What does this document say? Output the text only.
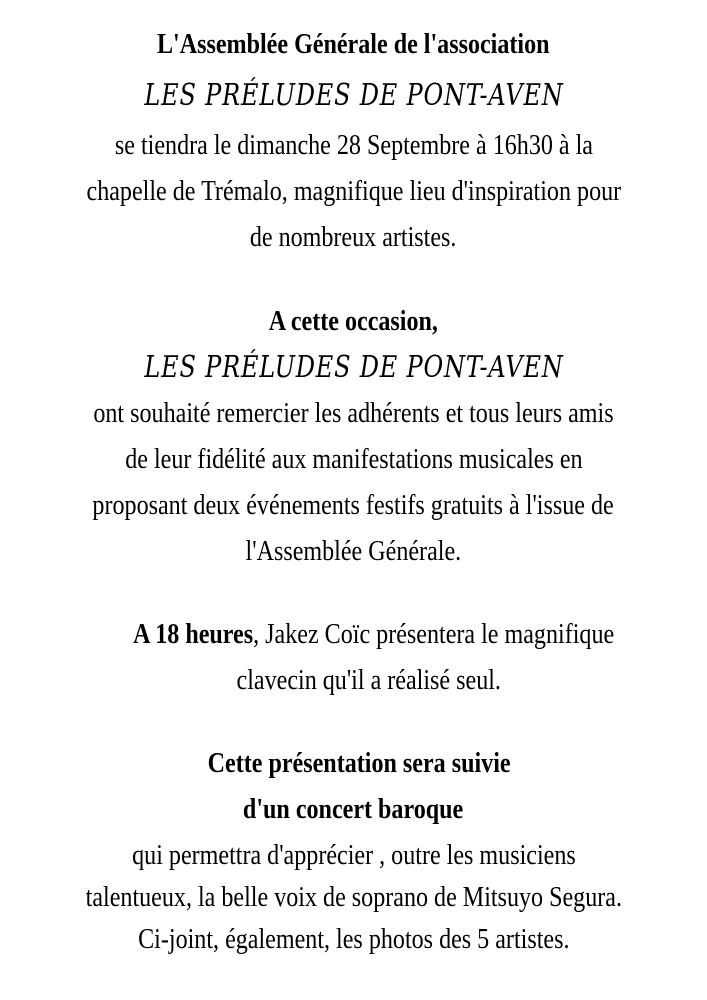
L'Assemblée Générale de l'association
LES PRÉLUDES DE PONT-AVEN
se tiendra le dimanche 28 Septembre à 16h30 à la
chapelle de Trémalo, magnifique lieu d'inspiration pour
de nombreux artistes.
A cette occasion,
LES PRÉLUDES DE PONT-AVEN
ont souhaité remercier les adhérents et tous leurs amis
de leur fidélité aux manifestations musicales en
proposant deux événements festifs gratuits à l'issue de
l'Assemblée Générale.
A 18 heures, Jakez Coïc présentera le magnifique
clavecin qu'il a réalisé seul.
Cette présentation sera suivie
d'un concert baroque
qui permettra d'apprécier , outre les musiciens
talentueux, la belle voix de soprano de Mitsuyo Segura.
Ci-joint, également, les photos des 5 artistes.
